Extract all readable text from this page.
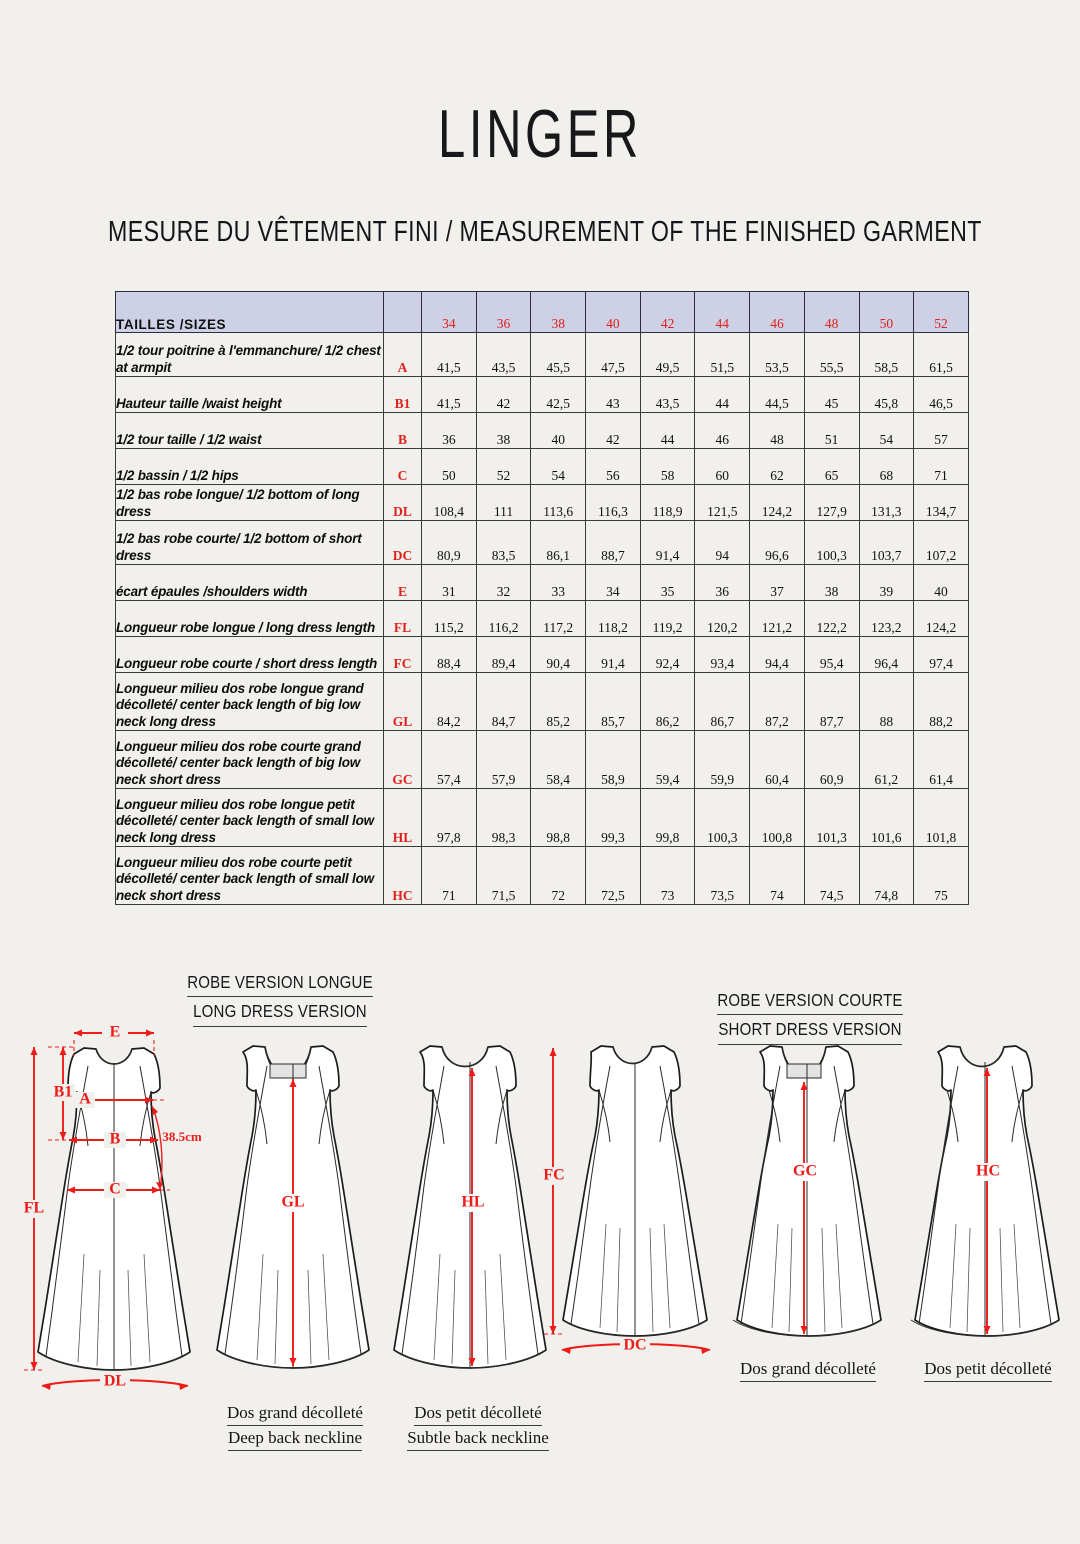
LINGER
MESURE DU VÊTEMENT FINI / MEASUREMENT OF THE FINISHED GARMENT
TAILLES /SIZES		34	36	38	40	42	44	46	48	50	52
1/2 tour poitrine à l'emmanchure/ 1/2 chest at armpit	A	41,5	43,5	45,5	47,5	49,5	51,5	53,5	55,5	58,5	61,5
Hauteur taille /waist height	B1	41,5	42	42,5	43	43,5	44	44,5	45	45,8	46,5
1/2 tour taille / 1/2 waist	B	36	38	40	42	44	46	48	51	54	57
1/2 bassin / 1/2 hips	C	50	52	54	56	58	60	62	65	68	71
1/2 bas robe longue/ 1/2 bottom of long dress	DL	108,4	111	113,6	116,3	118,9	121,5	124,2	127,9	131,3	134,7
1/2 bas robe courte/ 1/2 bottom of short dress	DC	80,9	83,5	86,1	88,7	91,4	94	96,6	100,3	103,7	107,2
écart épaules /shoulders width	E	31	32	33	34	35	36	37	38	39	40
Longueur robe longue / long dress length	FL	115,2	116,2	117,2	118,2	119,2	120,2	121,2	122,2	123,2	124,2
Longueur robe courte / short dress length	FC	88,4	89,4	90,4	91,4	92,4	93,4	94,4	95,4	96,4	97,4
Longueur milieu dos robe longue grand décolleté/ center back length of big low neck long dress	GL	84,2	84,7	85,2	85,7	86,2	86,7	87,2	87,7	88	88,2
Longueur milieu dos robe courte grand décolleté/ center back length of big low neck short dress	GC	57,4	57,9	58,4	58,9	59,4	59,9	60,4	60,9	61,2	61,4
Longueur milieu dos robe longue petit décolleté/ center back length of small low neck long dress	HL	97,8	98,3	98,8	99,3	99,8	100,3	100,8	101,3	101,6	101,8
Longueur milieu dos robe courte petit décolleté/ center back length of small low neck short dress	HC	71	71,5	72	72,5	73	73,5	74	74,5	74,8	75
ROBE VERSION LONGUE
LONG DRESS VERSION
ROBE VERSION COURTE
SHORT DRESS VERSION
E
A
B1
B	38.5cm
C
FL
DL
GL
Dos grand décolleté
Deep back neckline
HL
Dos petit décolleté
Subtle back neckline
FC
DC
GC
Dos grand décolleté
HC
Dos petit décolleté
